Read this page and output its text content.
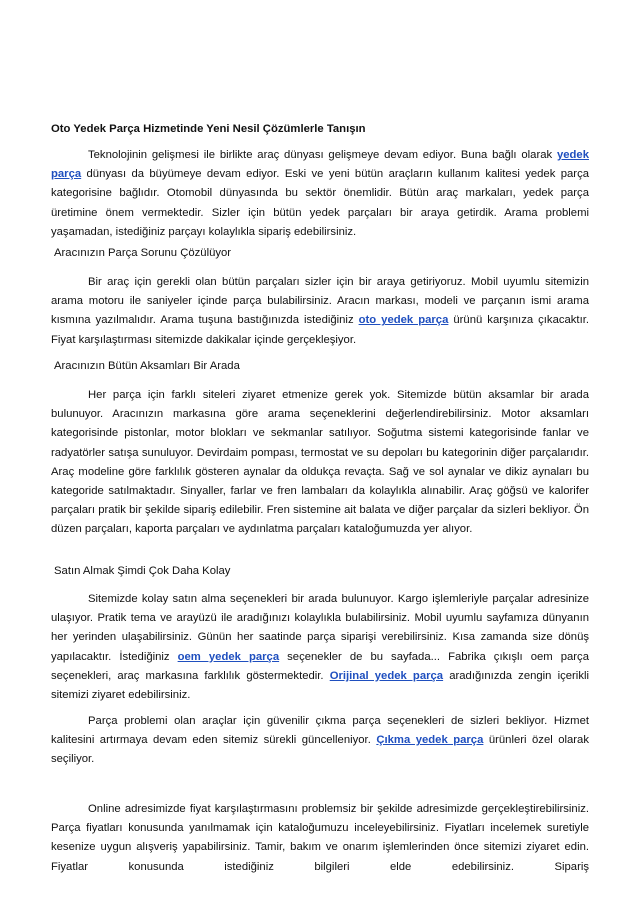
Oto Yedek Parça Hizmetinde Yeni Nesil Çözümlerle Tanışın

Teknolojinin gelişmesi ile birlikte araç dünyası gelişmeye devam ediyor. Buna bağlı olarak yedek parça dünyası da büyümeye devam ediyor. Eski ve yeni bütün araçların kullanım kalitesi yedek parça kategorisine bağlıdır. Otomobil dünyasında bu sektör önemlidir. Bütün araç markaları, yedek parça üretimine önem vermektedir. Sizler için bütün yedek parçaları bir araya getirdik. Arama problemi yaşamadan, istediğiniz parçayı kolaylıkla sipariş edebilirsiniz.

Aracınızın Parça Sorunu Çözülüyor

Bir araç için gerekli olan bütün parçaları sizler için bir araya getiriyoruz. Mobil uyumlu sitemizin arama motoru ile saniyeler içinde parça bulabilirsiniz. Aracın markası, modeli ve parçanın ismi arama kısmına yazılmalıdır. Arama tuşuna bastığınızda istediğiniz oto yedek parça ürünü karşınıza çıkacaktır. Fiyat karşılaştırması sitemizde dakikalar içinde gerçekleşiyor.

Aracınızın Bütün Aksamları Bir Arada

Her parça için farklı siteleri ziyaret etmenize gerek yok. Sitemizde bütün aksamlar bir arada bulunuyor. Aracınızın markasına göre arama seçeneklerini değerlendirebilirsiniz. Motor aksamları kategorisinde pistonlar, motor blokları ve sekmanlar satılıyor. Soğutma sistemi kategorisinde fanlar ve radyatörler satışa sunuluyor. Devirdaim pompası, termostat ve su depoları bu kategorinin diğer parçalarıdır. Araç modeline göre farklılık gösteren aynalar da oldukça revaçta. Sağ ve sol aynalar ve dikiz aynaları bu kategoride satılmaktadır. Sinyaller, farlar ve fren lambaları da kolaylıkla alınabilir. Araç göğsü ve kalorifer parçaları pratik bir şekilde sipariş edilebilir. Fren sistemine ait balata ve diğer parçalar da sizleri bekliyor. Ön düzen parçaları, kaporta parçaları ve aydınlatma parçaları kataloğumuzda yer alıyor.

Satın Almak Şimdi Çok Daha Kolay

Sitemizde kolay satın alma seçenekleri bir arada bulunuyor. Kargo işlemleriyle parçalar adresinize ulaşıyor. Pratik tema ve arayüzü ile aradığınızı kolaylıkla bulabilirsiniz. Mobil uyumlu sayfamıza dünyanın her yerinden ulaşabilirsiniz. Günün her saatinde parça siparişi verebilirsiniz. Kısa zamanda size dönüş yapılacaktır. İstediğiniz oem yedek parça seçenekler de bu sayfada... Fabrika çıkışlı oem parça seçenekleri, araç markasına farklılık göstermektedir. Orijinal yedek parça aradığınızda zengin içerikli sitemizi ziyaret edebilirsiniz.

Parça problemi olan araçlar için güvenilir çıkma parça seçenekleri de sizleri bekliyor. Hizmet kalitesini artırmaya devam eden sitemiz sürekli güncelleniyor. Çıkma yedek parça ürünleri özel olarak seçiliyor.

Online adresimizde fiyat karşılaştırmasını problemsiz bir şekilde adresimizde gerçekleştirebilirsiniz. Parça fiyatları konusunda yanılmamak için kataloğumuzu inceleyebilirsiniz. Fiyatları incelemek suretiyle kesenize uygun alışveriş yapabilirsiniz. Tamir, bakım ve onarım işlemlerinden önce sitemizi ziyaret edin. Fiyatlar konusunda istediğiniz bilgileri elde edebilirsiniz. Sipariş
